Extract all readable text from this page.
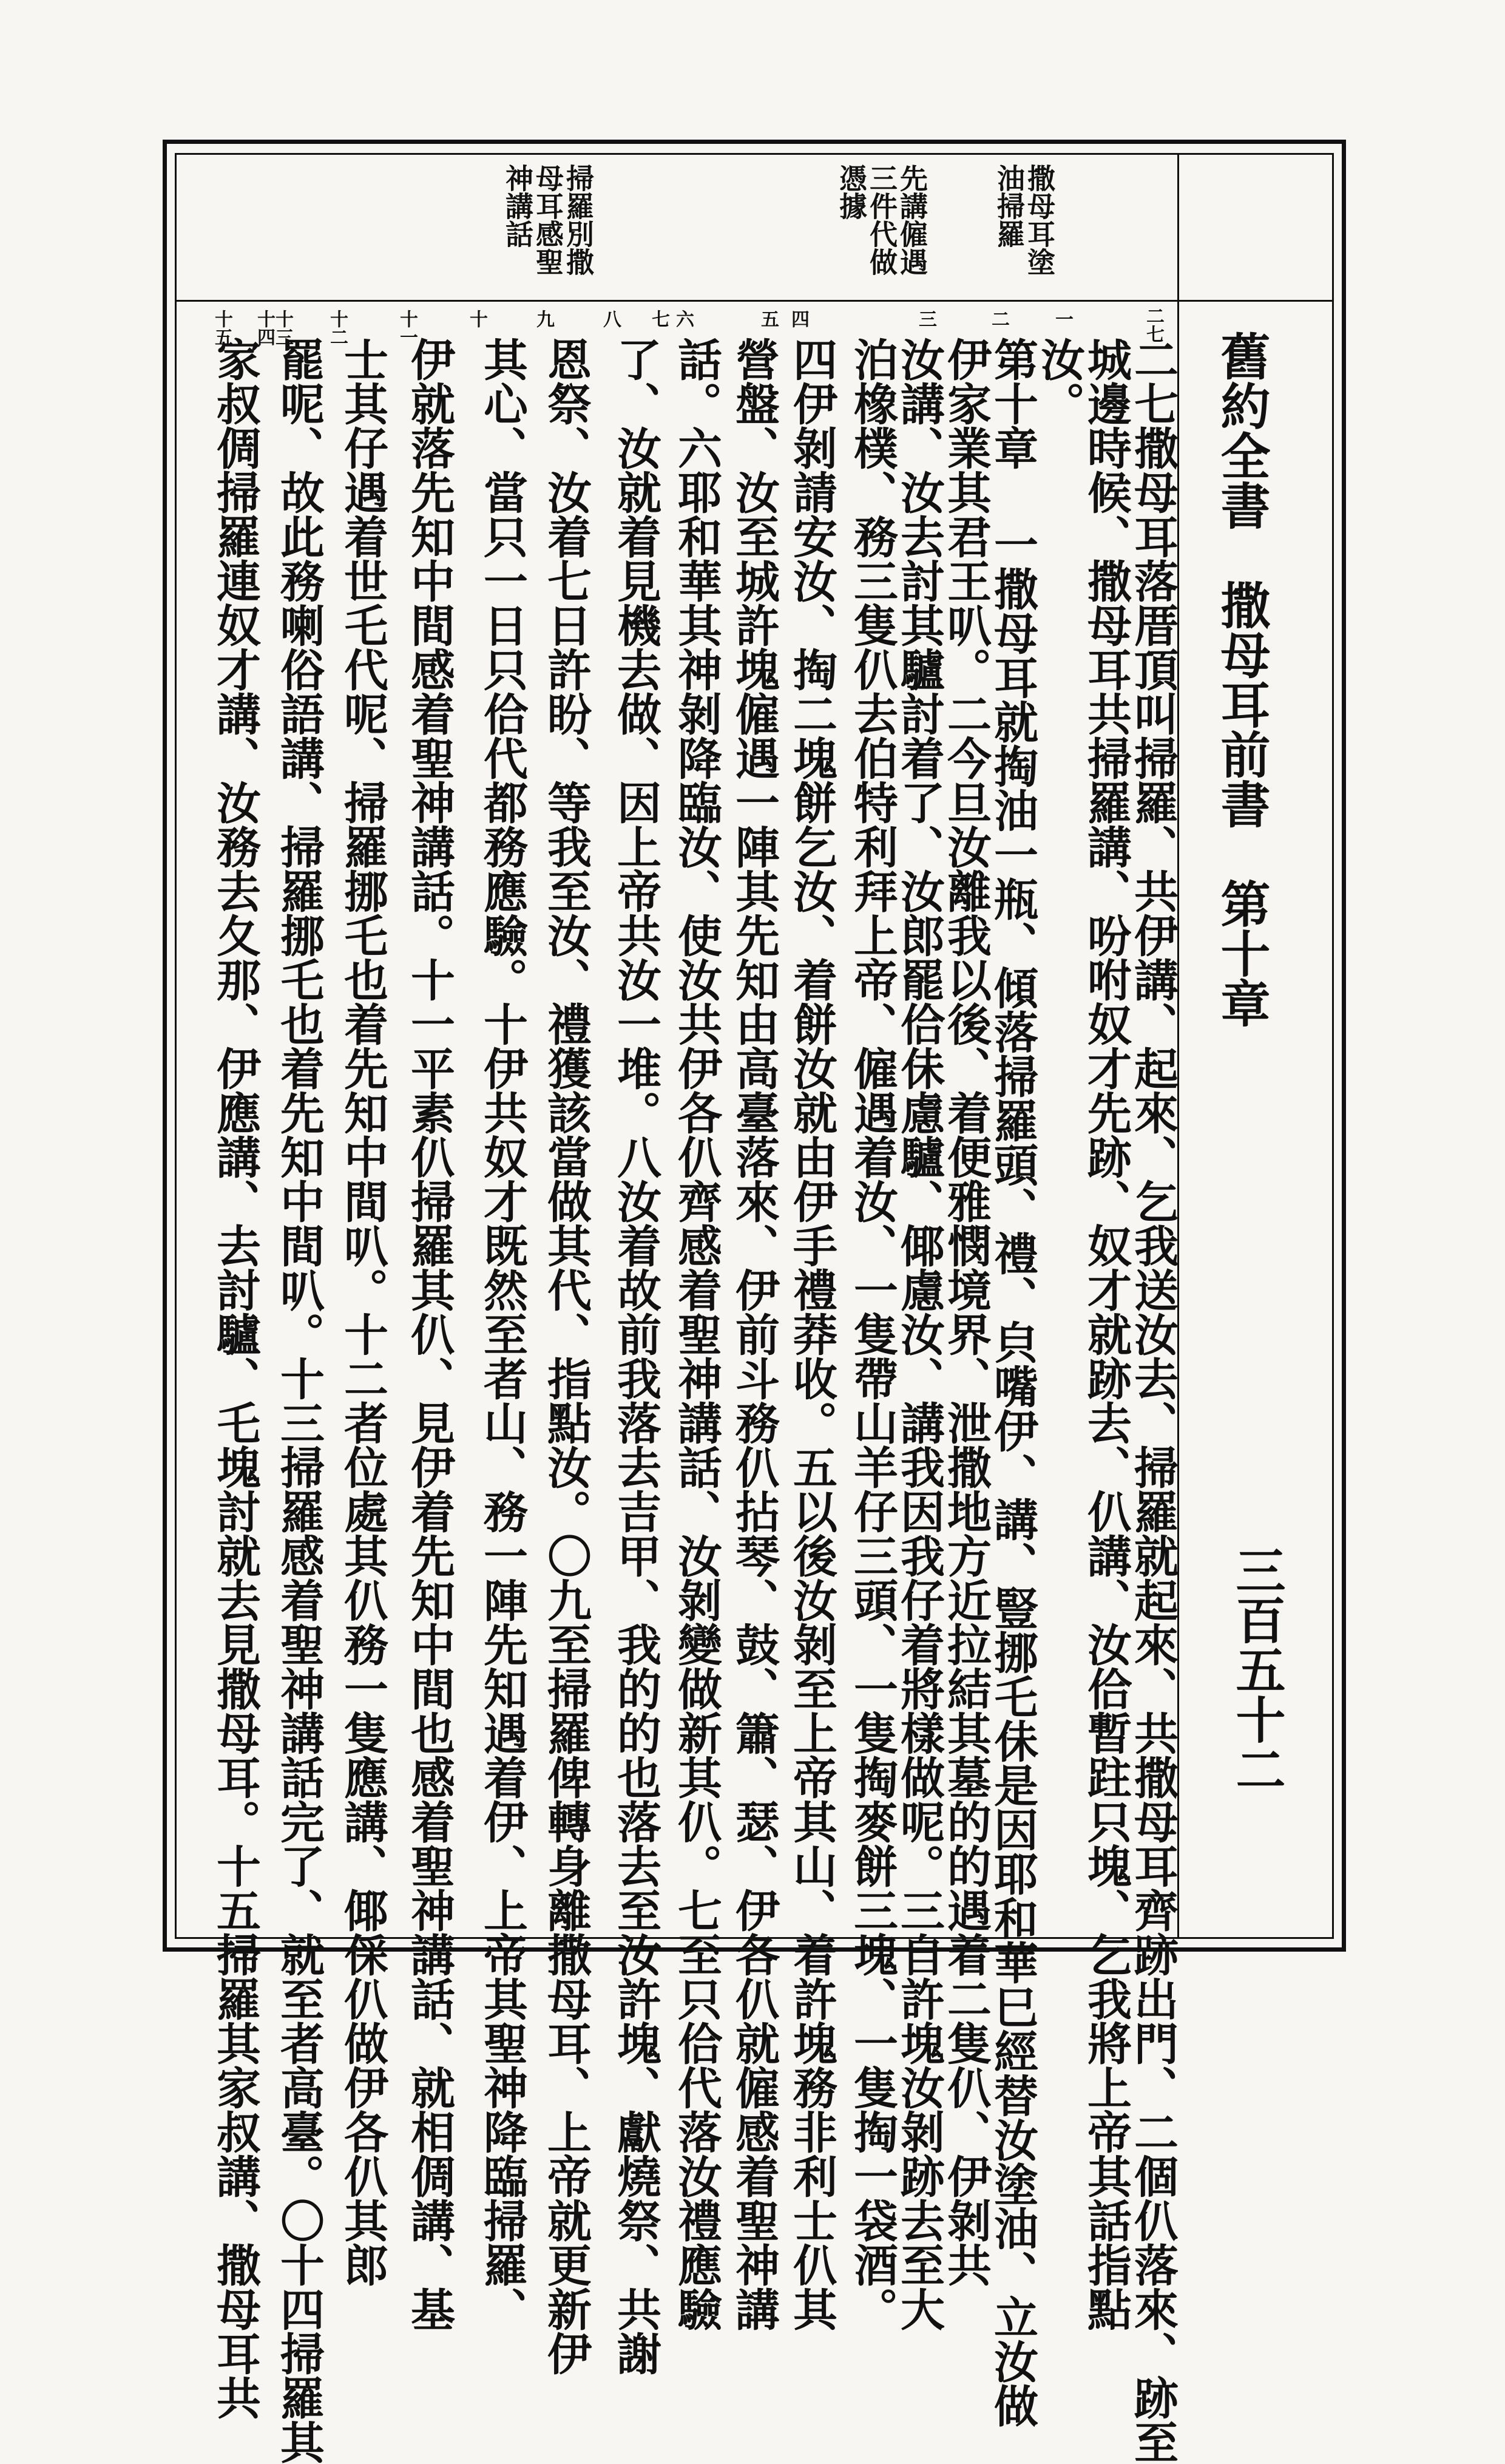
舊約全書　撒母耳前書　第十章
三百五十二
撒母耳塗
油掃羅
先講僱遇
三件代做
憑據
掃羅別撒
母耳感聖
神講話
二七
一
二
三
四
五
六
七
八
九
十
十一
十二
十三
十四
十五
二七撒母耳落厝頂叫掃羅、共伊講、起來、乞我送汝去、掃羅就起來、共撒母耳齊跡出門、二個仈落來、跡至
城邊時候、撒母耳共掃羅講、吩咐奴才先跡、奴才就跡去、仈講、汝佮暫跓只塊、乞我將上帝其話指點
汝。
第十章 一撒母耳就掏油一瓶、傾落掃羅頭、禮、㒵嘴伊、講、豎挪乇佅是因耶和華巳經替汝塗油、立汝做
伊家業其君王叭。二今旦汝離我以後、着便雅憫境界、泄撒地方近拉結其墓的的遇着二隻仈、伊剝共
汝講、汝去討其驢討着了、汝郎罷佮佅慮驢、倻慮汝、講我因我仔着將樣做呢。三自許塊汝剝跡去至大
泊橡樸、務三隻仈去伯特利拜上帝、僱遇着汝、一隻帶山羊仔三頭、一隻掏麥餅三塊、一隻掏一袋酒。
四伊剝請安汝、掏二塊餅乞汝、着餅汝就由伊手禮莽收。五以後汝剝至上帝其山、着許塊務非利士仈其
營盤、汝至城許塊僱遇一陣其先知由高臺落來、伊前斗務仈拈琴、鼓、簫、瑟、伊各仈就僱感着聖神講
話。六耶和華其神剝降臨汝、使汝共伊各仈齊感着聖神講話、汝剝變做新其仈。七至只佮代落汝禮應驗
了、汝就着見機去做、因上帝共汝一堆。八汝着故前我落去吉甲、我的的也落去至汝許塊、獻燒祭、共謝
恩祭、汝着七日許盼、等我至汝、禮獲該當做其代、指點汝。〇九至掃羅俾轉身離撒母耳、上帝就更新伊
其心、當只一日只佮代都務應驗。十伊共奴才既然至者山、務一陣先知遇着伊、上帝其聖神降臨掃羅、
伊就落先知中間感着聖神講話。十一平素仈掃羅其仈、見伊着先知中間也感着聖神講話、就相倜講、基
士其仔遇着世乇代呢、掃羅挪乇也着先知中間叭。十二者位處其仈務一隻應講、倻倸仈做伊各仈其郎
罷呢、故此務喇俗語講、掃羅挪乇也着先知中間叭。十三掃羅感着聖神講話完了、就至者高臺。〇十四掃羅其
家叔倜掃羅連奴才講、汝務去夂那、伊應講、去討驢、乇塊討就去見撒母耳。十五掃羅其家叔講、撒母耳共
